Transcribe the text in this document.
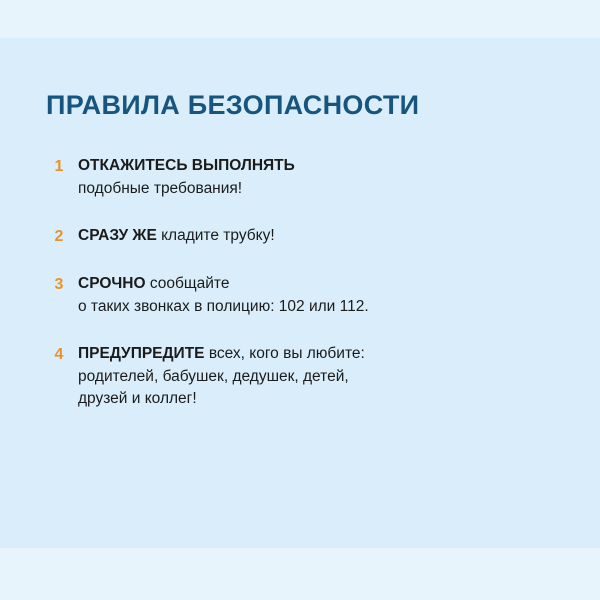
ПРАВИЛА БЕЗОПАСНОСТИ
1 ОТКАЖИТЕСЬ ВЫПОЛНЯТЬ
подобные требования!
2 СРАЗУ ЖЕ кладите трубку!
3 СРОЧНО сообщайте
о таких звонках в полицию: 102 или 112.
4 ПРЕДУПРЕДИТЕ всех, кого вы любите:
родителей, бабушек, дедушек, детей,
друзей и коллег!
